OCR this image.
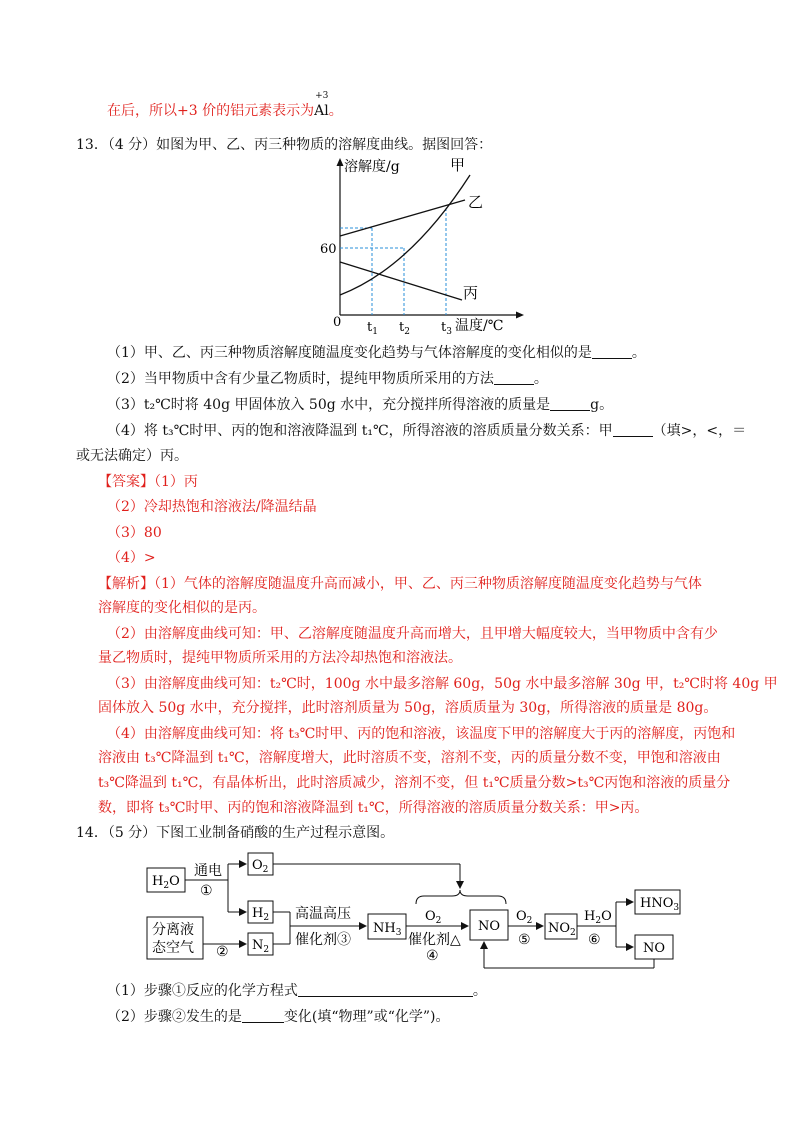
在后，所以+3 价的铝元素表示为
+3
Al。
13．（4 分）如图为甲、乙、丙三种物质的溶解度曲线。据图回答：
溶解度/g
温度/℃
0
60
$t_1$ $t_2$ $t_3$
甲
乙
丙
（1）甲、乙、丙三种物质溶解度随温度变化趋势与气体溶解度的变化相似的是	。
（2）当甲物质中含有少量乙物质时，提纯甲物质所采用的方法	。
（3）t₂℃时将 40g 甲固体放入 50g 水中，充分搅拌所得溶液的质量是	g。
（4）将 t₃℃时甲、丙的饱和溶液降温到 t₁℃，所得溶液的溶质质量分数关系：甲	（填>，<，＝
或无法确定）丙。
【答案】（1）丙
（2）冷却热饱和溶液法/降温结晶
（3）80
（4）>
【解析】（1）气体的溶解度随温度升高而减小，甲、乙、丙三种物质溶解度随温度变化趋势与气体
溶解度的变化相似的是丙。
（2）由溶解度曲线可知：甲、乙溶解度随温度升高而增大，且甲增大幅度较大，当甲物质中含有少
量乙物质时，提纯甲物质所采用的方法冷却热饱和溶液法。
（3）由溶解度曲线可知：t₂℃时，100g 水中最多溶解 60g，50g 水中最多溶解 30g 甲，t₂℃时将 40g 甲
固体放入 50g 水中，充分搅拌，此时溶剂质量为 50g，溶质质量为 30g，所得溶液的质量是 80g。
（4）由溶解度曲线可知：将 t₃℃时甲、丙的饱和溶液，该温度下甲的溶解度大于丙的溶解度，丙饱和
溶液由 t₃℃降温到 t₁℃，溶解度增大，此时溶质不变，溶剂不变，丙的质量分数不变，甲饱和溶液由
t₃℃降温到 t₁℃，有晶体析出，此时溶质减少，溶剂不变，但 t₁℃质量分数>t₃℃丙饱和溶液的质量分
数，即将 t₃℃时甲、丙的饱和溶液降温到 t₁℃，所得溶液的溶质质量分数关系：甲>丙。
14．（5 分）下图工业制备硝酸的生产过程示意图。
$H_2O$
通电
①
$O_2$
$H_2$
分离液
态空气 ② $N_2$
高温高压
催化剂③
$NH_3$
$O_2$
催化剂△
④
NO
$O_2$
⑤
$NO_2$
$H_2O$
⑥
$HNO_3$
NO
（1）步骤①反应的化学方程式	。
（2）步骤②发生的是	变化(填“物理”或“化学”)。
